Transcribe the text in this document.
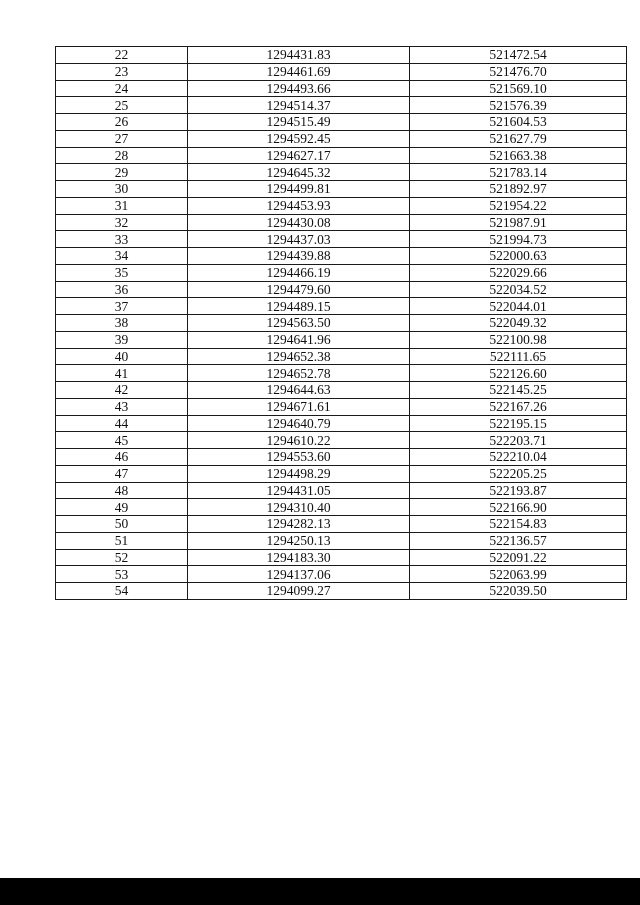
22	1294431.83	521472.54
23	1294461.69	521476.70
24	1294493.66	521569.10
25	1294514.37	521576.39
26	1294515.49	521604.53
27	1294592.45	521627.79
28	1294627.17	521663.38
29	1294645.32	521783.14
30	1294499.81	521892.97
31	1294453.93	521954.22
32	1294430.08	521987.91
33	1294437.03	521994.73
34	1294439.88	522000.63
35	1294466.19	522029.66
36	1294479.60	522034.52
37	1294489.15	522044.01
38	1294563.50	522049.32
39	1294641.96	522100.98
40	1294652.38	522111.65
41	1294652.78	522126.60
42	1294644.63	522145.25
43	1294671.61	522167.26
44	1294640.79	522195.15
45	1294610.22	522203.71
46	1294553.60	522210.04
47	1294498.29	522205.25
48	1294431.05	522193.87
49	1294310.40	522166.90
50	1294282.13	522154.83
51	1294250.13	522136.57
52	1294183.30	522091.22
53	1294137.06	522063.99
54	1294099.27	522039.50
